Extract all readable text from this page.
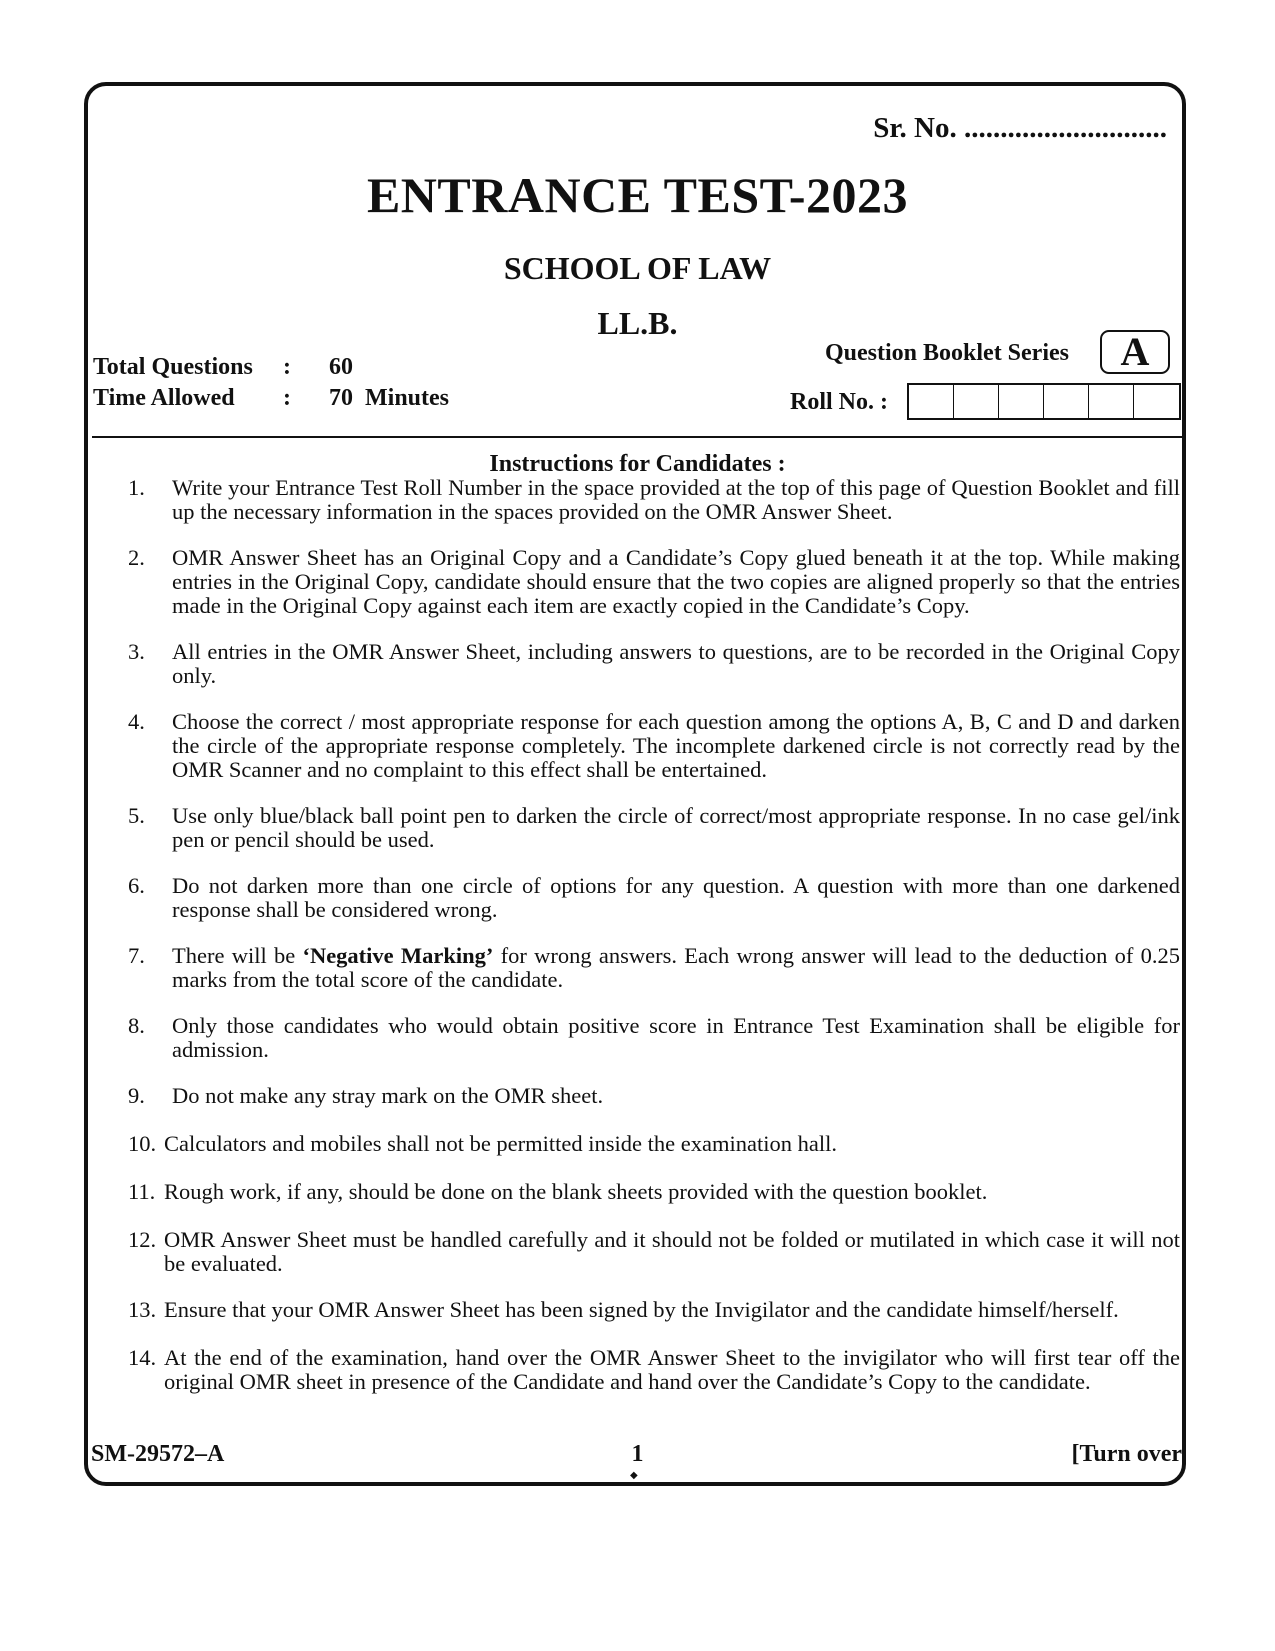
Sr. No. ............................
ENTRANCE TEST-2023
SCHOOL OF LAW
LL.B.
Total Questions : 60
Time Allowed : 70  Minutes
Question Booklet Series	A
Roll No. :
Instructions for Candidates :
1. Write your Entrance Test Roll Number in the space provided at the top of this page of Question Booklet and fill up the necessary information in the spaces provided on the OMR Answer Sheet.
2. OMR Answer Sheet has an Original Copy and a Candidate’s Copy glued beneath it at the top. While making entries in the Original Copy, candidate should ensure that the two copies are aligned properly so that the entries made in the Original Copy against each item are exactly copied in the Candidate’s Copy.
3. All entries in the OMR Answer Sheet, including answers to questions, are to be recorded in the Original Copy only.
4. Choose the correct / most appropriate response for each question among the options A, B, C and D and darken the circle of the appropriate response completely. The incomplete darkened circle is not correctly read by the OMR Scanner and no complaint to this effect shall be entertained.
5. Use only blue/black ball point pen to darken the circle of correct/most appropriate response. In no case gel/ink pen or pencil should be used.
6. Do not darken more than one circle of options for any question. A question with more than one darkened response shall be considered wrong.
7. There will be ‘Negative Marking’ for wrong answers. Each wrong answer will lead to the deduction of 0.25 marks from the total score of the candidate.
8. Only those candidates who would obtain positive score in Entrance Test Examination shall be eligible for admission.
9. Do not make any stray mark on the OMR sheet.
10. Calculators and mobiles shall not be permitted inside the examination hall.
11. Rough work, if any, should be done on the blank sheets provided with the question booklet.
12. OMR Answer Sheet must be handled carefully and it should not be folded or mutilated in which case it will not be evaluated.
13. Ensure that your OMR Answer Sheet has been signed by the Invigilator and the candidate himself/herself.
14. At the end of the examination, hand over the OMR Answer Sheet to the invigilator who will first tear off the original OMR sheet in presence of the Candidate and hand over the Candidate’s Copy to the candidate.
SM-29572–A	1	[Turn over
◆
